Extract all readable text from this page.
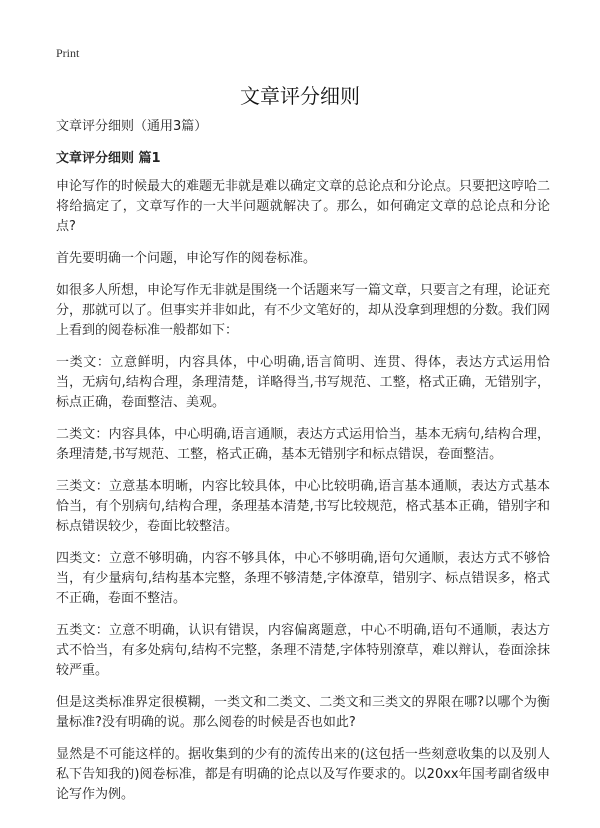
Print
文章评分细则

文章评分细则（通用3篇）

文章评分细则 篇1

申论写作的时候最大的难题无非就是难以确定文章的总论点和分论点。只要把这哼哈二将给搞定了，文章写作的一大半问题就解决了。那么，如何确定文章的总论点和分论点?

首先要明确一个问题，申论写作的阅卷标准。

如很多人所想，申论写作无非就是围绕一个话题来写一篇文章，只要言之有理，论证充分，那就可以了。但事实并非如此，有不少文笔好的，却从没拿到理想的分数。我们网上看到的阅卷标准一般都如下：

一类文：立意鲜明，内容具体，中心明确,语言简明、连贯、得体，表达方式运用恰当，无病句,结构合理，条理清楚，详略得当,书写规范、工整，格式正确，无错别字，标点正确，卷面整洁、美观。

二类文：内容具体，中心明确,语言通顺，表达方式运用恰当，基本无病句,结构合理，条理清楚,书写规范、工整，格式正确，基本无错别字和标点错误，卷面整洁。

三类文：立意基本明晰，内容比较具体，中心比较明确,语言基本通顺，表达方式基本恰当，有个别病句,结构合理，条理基本清楚,书写比较规范，格式基本正确，错别字和标点错误较少，卷面比较整洁。

四类文：立意不够明确，内容不够具体，中心不够明确,语句欠通顺，表达方式不够恰当，有少量病句,结构基本完整，条理不够清楚,字体潦草，错别字、标点错误多，格式不正确，卷面不整洁。

五类文：立意不明确，认识有错误，内容偏离题意，中心不明确,语句不通顺，表达方式不恰当，有多处病句,结构不完整，条理不清楚,字体特别潦草，难以辩认，卷面涂抹较严重。

但是这类标准界定很模糊，一类文和二类文、二类文和三类文的界限在哪?以哪个为衡量标准?没有明确的说。那么阅卷的时候是否也如此?

显然是不可能这样的。据收集到的少有的流传出来的(这包括一些刻意收集的以及别人私下告知我的)阅卷标准，都是有明确的论点以及写作要求的。以20xx年国考副省级申论写作为例。
